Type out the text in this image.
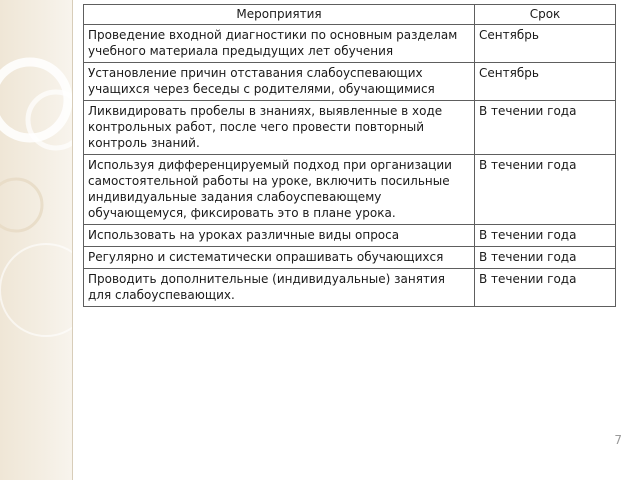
Мероприятия	Срок
Проведение входной диагностики по основным разделам учебного материала предыдущих лет обучения	Сентябрь
Установление причин отставания слабоуспевающих учащихся через беседы с родителями, обучающимися	Сентябрь
Ликвидировать пробелы в знаниях, выявленные в ходе контрольных работ, после чего провести повторный контроль знаний.	В течении года
Используя дифференцируемый подход при организации самостоятельной работы на уроке, включить посильные индивидуальные задания слабоуспевающему обучающемуся, фиксировать это в плане урока.	В течении года
Использовать на уроках различные виды опроса	В течении года
Регулярно и систематически опрашивать обучающихся	В течении года
Проводить дополнительные (индивидуальные) занятия для слабоуспевающих.	В течении года
7
